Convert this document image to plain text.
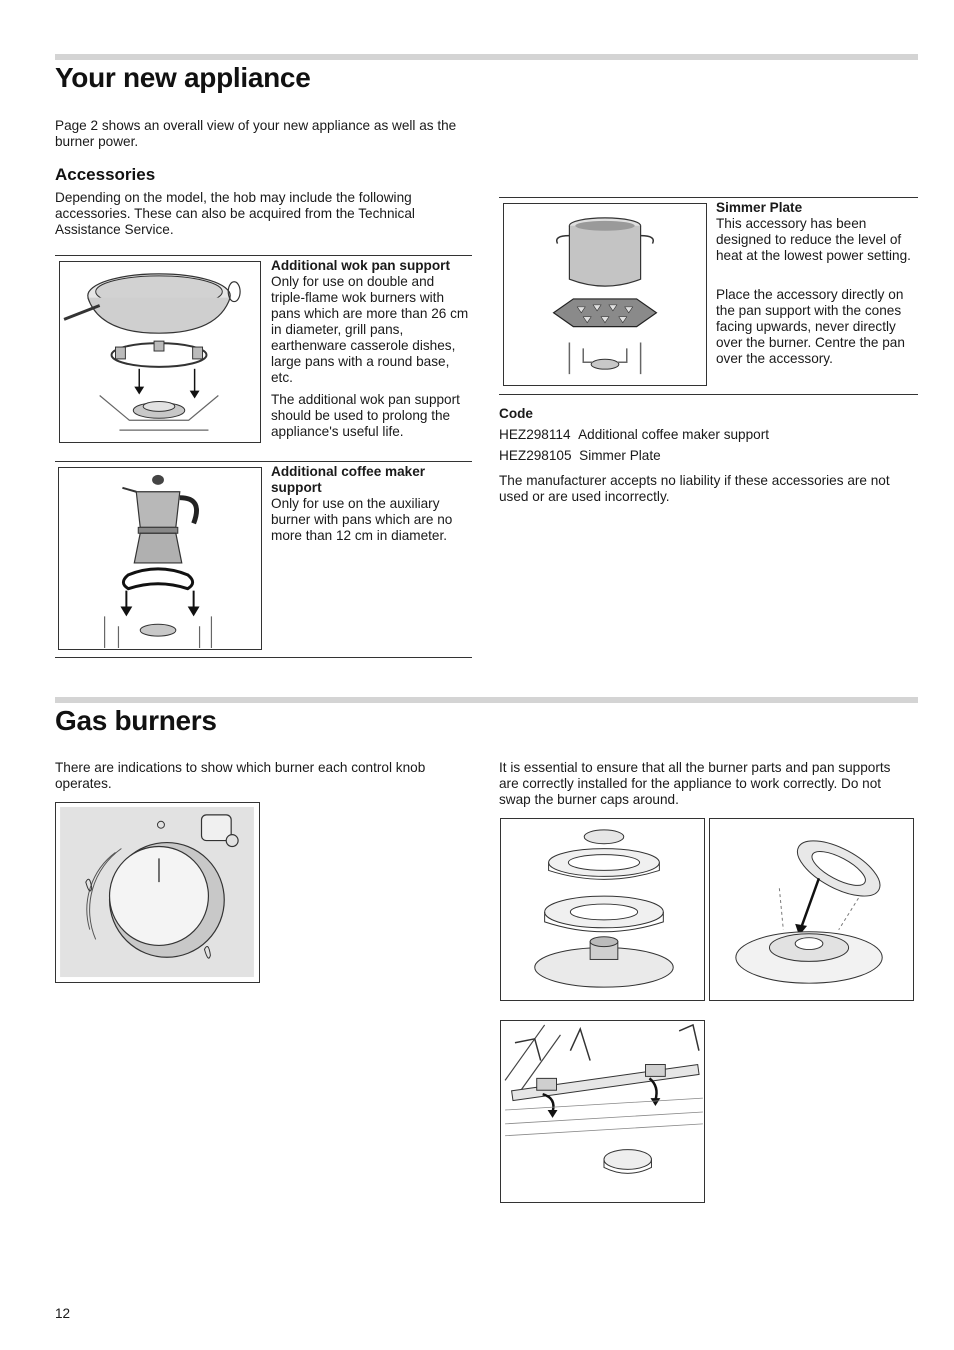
Your new appliance

Page 2 shows an overall view of your new appliance as well as the burner power.

Accessories

Depending on the model, the hob may include the following accessories. These can also be acquired from the Technical Assistance Service.

Additional wok pan support

Only for use on double and triple-flame wok burners with pans which are more than 26 cm in diameter, grill pans, earthenware casserole dishes, large pans with a round base, etc.

The additional wok pan support should be used to prolong the appliance's useful life.

Additional coffee maker support

Only for use on the auxiliary burner with pans which are no more than 12 cm in diameter.

Simmer Plate

This accessory has been designed to reduce the level of heat at the lowest power setting.

Place the accessory directly on the pan support with the cones facing upwards, never directly over the burner. Centre the pan over the accessory.

Code

HEZ298114 Additional coffee maker support

HEZ298105 Simmer Plate

The manufacturer accepts no liability if these accessories are not used or are used incorrectly.

Gas burners

There are indications to show which burner each control knob operates.

It is essential to ensure that all the burner parts and pan supports are correctly installed for the appliance to work correctly. Do not swap the burner caps around.

12
